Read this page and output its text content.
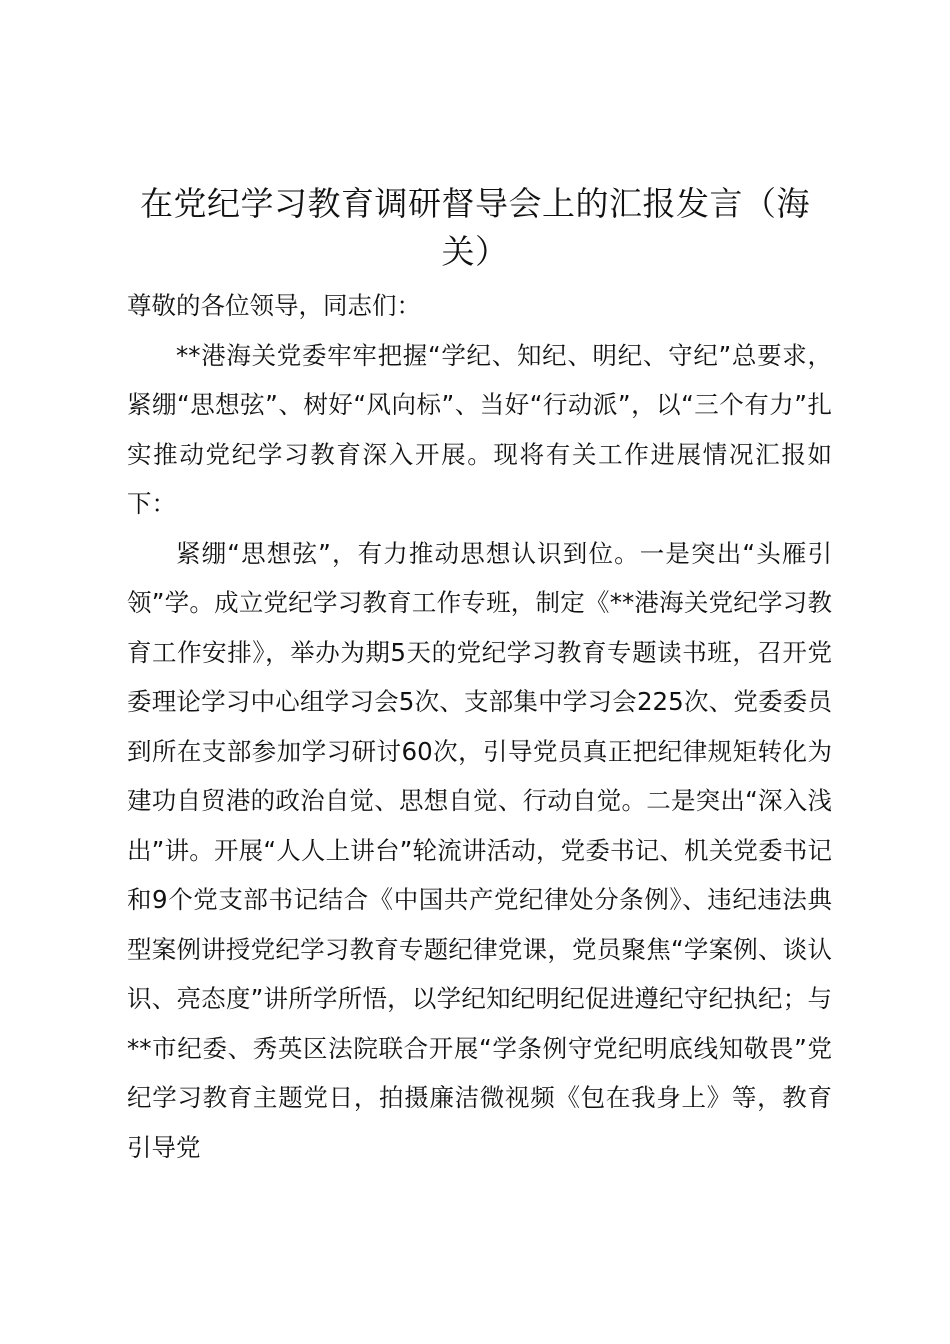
在党纪学习教育调研督导会上的汇报发言（海关）

尊敬的各位领导，同志们：

**港海关党委牢牢把握“学纪、知纪、明纪、守纪”总要求，紧绷“思想弦”、树好“风向标”、当好“行动派”，以“三个有力”扎实推动党纪学习教育深入开展。现将有关工作进展情况汇报如下：

紧绷“思想弦”，有力推动思想认识到位。一是突出“头雁引领”学。成立党纪学习教育工作专班，制定《**港海关党纪学习教育工作安排》，举办为期5天的党纪学习教育专题读书班，召开党委理论学习中心组学习会5次、支部集中学习会225次、党委委员到所在支部参加学习研讨60次，引导党员真正把纪律规矩转化为建功自贸港的政治自觉、思想自觉、行动自觉。二是突出“深入浅出”讲。开展“人人上讲台”轮流讲活动，党委书记、机关党委书记和9个党支部书记结合《中国共产党纪律处分条例》、违纪违法典型案例讲授党纪学习教育专题纪律党课，党员聚焦“学案例、谈认识、亮态度”讲所学所悟，以学纪知纪明纪促进遵纪守纪执纪；与**市纪委、秀英区法院联合开展“学条例守党纪明底线知敬畏”党纪学习教育主题党日，拍摄廉洁微视频《包在我身上》等，教育引导党
